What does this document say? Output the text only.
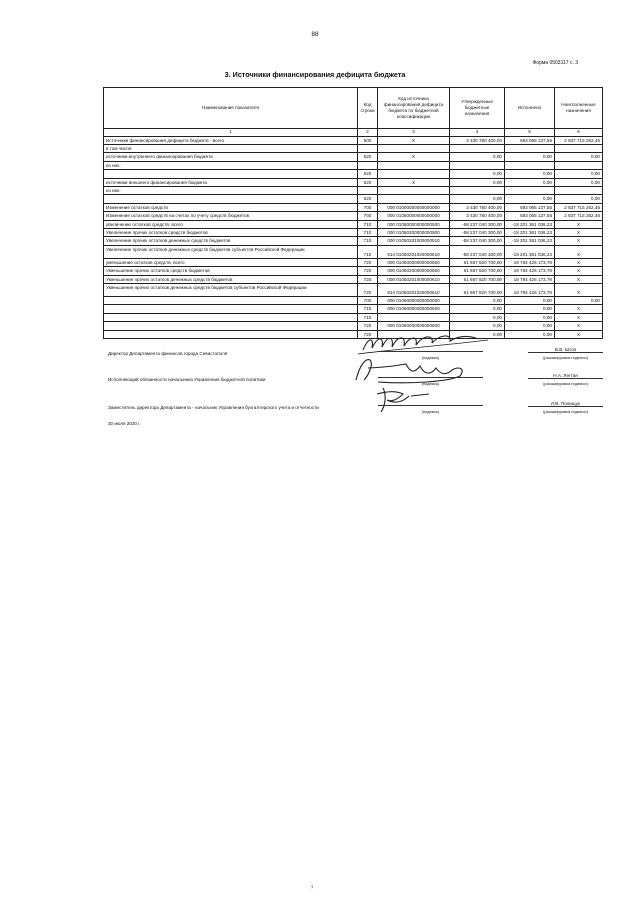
88
Форма 0503117 с. 3
3. Источники финансирования дефицита бюджета
Наименование показателя	Код строки	Код источника финансирования дефицита бюджета по бюджетной классификации	Утвержденные бюджетные назначения	Исполнено	Неисполненные назначения
1	2	3	4	5	6
Источники финансирования дефицита бюджета - всего	500	X	3 430 780 400,00	593 065 137,55	2 837 715 262,45
в том числе:					
источники внутреннего финансирования бюджета	520	X	0,00	0,00	0,00
из них:					
	520		0,00	0,00	0,00
источники внешнего финансирования бюджета	620	X	0,00	0,00	0,00
из них:					
	620		0,00	0,00	0,00
Изменение остатков средств	700	000 01000000000000000	3 430 780 400,00	593 065 137,55	2 837 715 262,45
Изменение остатков средств на счетах по учету средств бюджетов	700	000 01050000000000000	3 430 780 400,00	593 065 137,55	2 837 715 262,45
увеличение остатков средств, всего	710	000 01050000000000500	-58 237 040 300,00	-18 201 361 036,23	X
Увеличение прочих остатков средств бюджетов	710	000 01050200000000500	-58 237 040 300,00	-18 201 361 036,23	X
Увеличение прочих остатков денежных средств бюджетов	710	000 01050201000000510	-58 237 040 300,00	-18 201 361 036,23	X
Увеличение прочих остатков денежных средств бюджетов субъектов Российской Федерации	710	814 01050201020000510	-58 237 040 300,00	-18 201 361 036,23	X
уменьшение остатков средств, всего	720	000 01050000000000600	61 667 820 700,00	18 794 426 173,78	X
Уменьшение прочих остатков средств бюджетов	720	000 01050200000000600	61 667 820 700,00	18 794 426 173,78	X
Уменьшение прочих остатков денежных средств бюджетов	720	000 01050201000000610	61 667 820 700,00	18 794 426 173,78	X
Уменьшение прочих остатков денежных средств бюджетов субъектов Российской Федерации	720	814 01050201020000610	61 667 820 700,00	18 794 426 173,78	X
	700	000 01060000000000000	0,00	0,00	0,00
	710	000 01060000000000500	0,00	0,00	X
	710		0,00	0,00	X
	720	000 01060000000000600	0,00	0,00	X
	720		0,00	0,00	X
Директор Департамента финансов города Севастополя
(подпись)
В.В. Штоп
(расшифровка подписи)
Исполняющий обязанности начальника Управления бюджетной политики
(подпись)
Н.А. Легтая
(расшифровка подписи)
Заместитель директора Департамента - начальник Управления бухгалтерского учета и отчетности
(подпись)
Л.В. Полищук
(расшифровка подписи)
30 июля 2020 г.
ˀ
